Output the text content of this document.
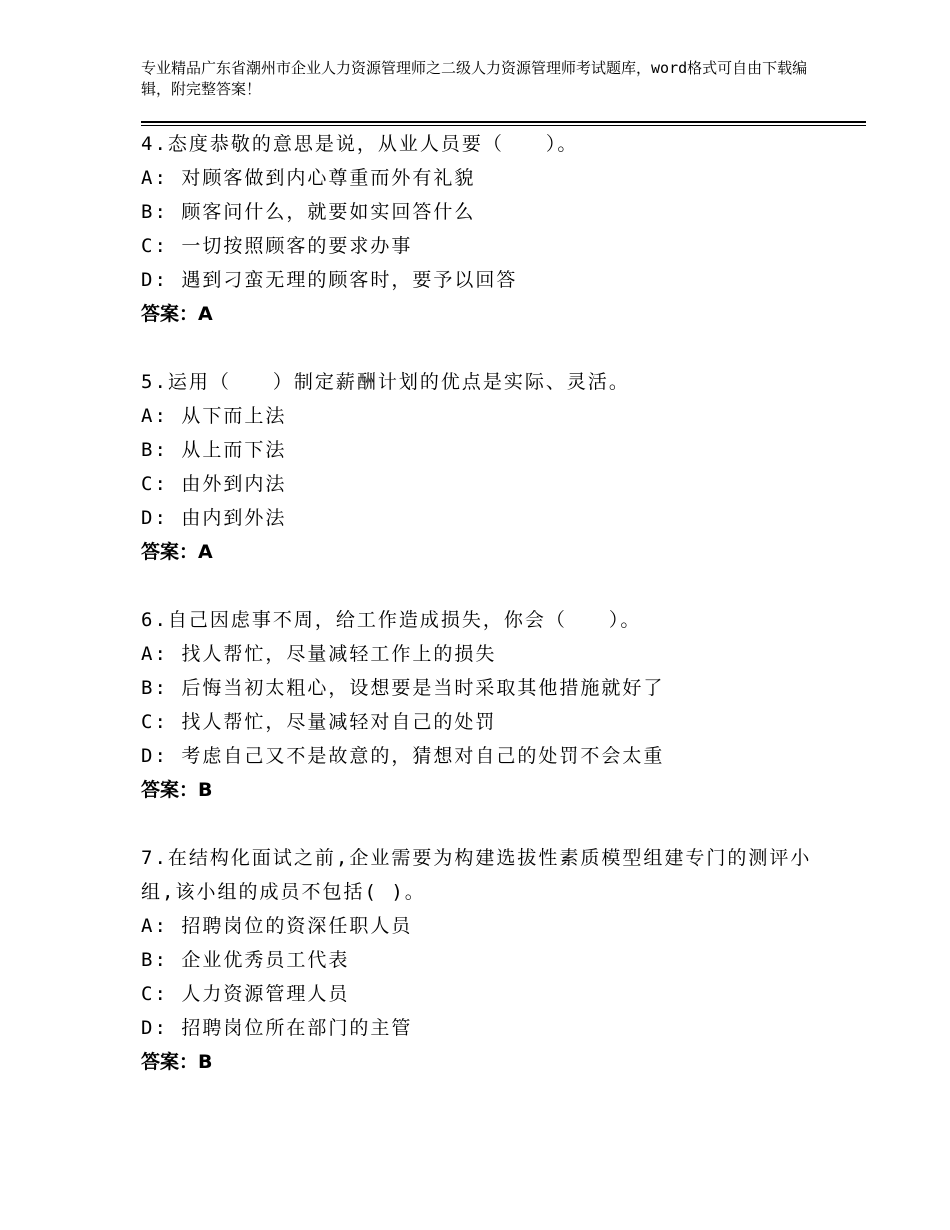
专业精品广东省潮州市企业人力资源管理师之二级人力资源管理师考试题库，word格式可自由下载编辑，附完整答案！
4.态度恭敬的意思是说，从业人员要（　　）。
A: 对顾客做到内心尊重而外有礼貌
B: 顾客问什么，就要如实回答什么
C: 一切按照顾客的要求办事
D: 遇到刁蛮无理的顾客时，要予以回答
答案：A
5.运用（　　）制定薪酬计划的优点是实际、灵活。
A: 从下而上法
B: 从上而下法
C: 由外到内法
D: 由内到外法
答案：A
6.自己因虑事不周，给工作造成损失，你会（　　）。
A: 找人帮忙，尽量减轻工作上的损失
B: 后悔当初太粗心，设想要是当时采取其他措施就好了
C: 找人帮忙，尽量减轻对自己的处罚
D: 考虑自己又不是故意的，猜想对自己的处罚不会太重
答案：B
7.在结构化面试之前,企业需要为构建选拔性素质模型组建专门的测评小组,该小组的成员不包括( )。
A: 招聘岗位的资深任职人员
B: 企业优秀员工代表
C: 人力资源管理人员
D: 招聘岗位所在部门的主管
答案：B
